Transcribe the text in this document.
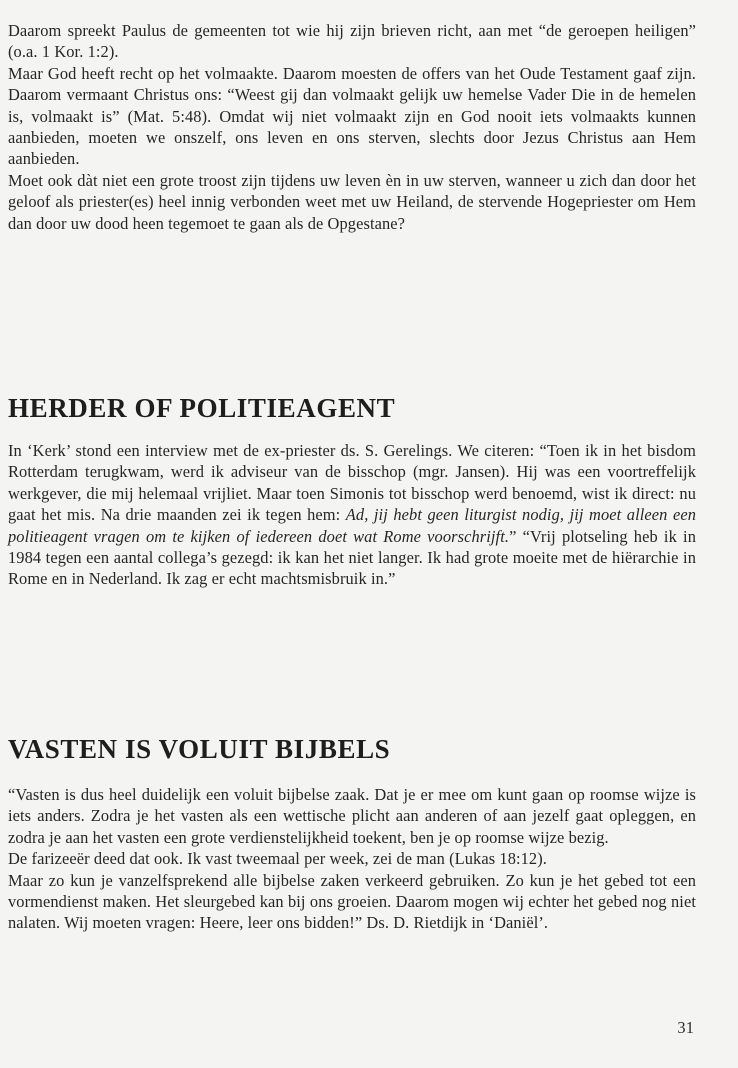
Daarom spreekt Paulus de gemeenten tot wie hij zijn brieven richt, aan met “de geroepen heiligen” (o.a. 1 Kor. 1:2).

Maar God heeft recht op het volmaakte. Daarom moesten de offers van het Oude Testament gaaf zijn. Daarom vermaant Christus ons: “Weest gij dan volmaakt gelijk uw hemelse Vader Die in de hemelen is, volmaakt is” (Mat. 5:48). Omdat wij niet volmaakt zijn en God nooit iets volmaakts kunnen aanbieden, moeten we onszelf, ons leven en ons sterven, slechts door Jezus Christus aan Hem aanbieden.

Moet ook dàt niet een grote troost zijn tijdens uw leven èn in uw sterven, wanneer u zich dan door het geloof als priester(es) heel innig verbonden weet met uw Heiland, de stervende Hogepriester om Hem dan door uw dood heen tegemoet te gaan als de Opgestane?

HERDER OF POLITIEAGENT

In ‘Kerk’ stond een interview met de ex-priester ds. S. Gerelings. We citeren: “Toen ik in het bisdom Rotterdam terugkwam, werd ik adviseur van de bisschop (mgr. Jansen). Hij was een voortreffelijk werkgever, die mij helemaal vrijliet. Maar toen Simonis tot bisschop werd benoemd, wist ik direct: nu gaat het mis. Na drie maanden zei ik tegen hem: Ad, jij hebt geen liturgist nodig, jij moet alleen een politieagent vragen om te kijken of iedereen doet wat Rome voorschrijft.” “Vrij plotseling heb ik in 1984 tegen een aantal collega’s gezegd: ik kan het niet langer. Ik had grote moeite met de hiërarchie in Rome en in Nederland. Ik zag er echt machtsmisbruik in.”

VASTEN IS VOLUIT BIJBELS

“Vasten is dus heel duidelijk een voluit bijbelse zaak. Dat je er mee om kunt gaan op roomse wijze is iets anders. Zodra je het vasten als een wettische plicht aan anderen of aan jezelf gaat opleggen, en zodra je aan het vasten een grote verdienstelijkheid toekent, ben je op roomse wijze bezig.

De farizeeër deed dat ook. Ik vast tweemaal per week, zei de man (Lukas 18:12).

Maar zo kun je vanzelfsprekend alle bijbelse zaken verkeerd gebruiken. Zo kun je het gebed tot een vormendienst maken. Het sleurgebed kan bij ons groeien. Daarom mogen wij echter het gebed nog niet nalaten. Wij moeten vragen: Heere, leer ons bidden!” Ds. D. Rietdijk in ‘Daniël’.

31
